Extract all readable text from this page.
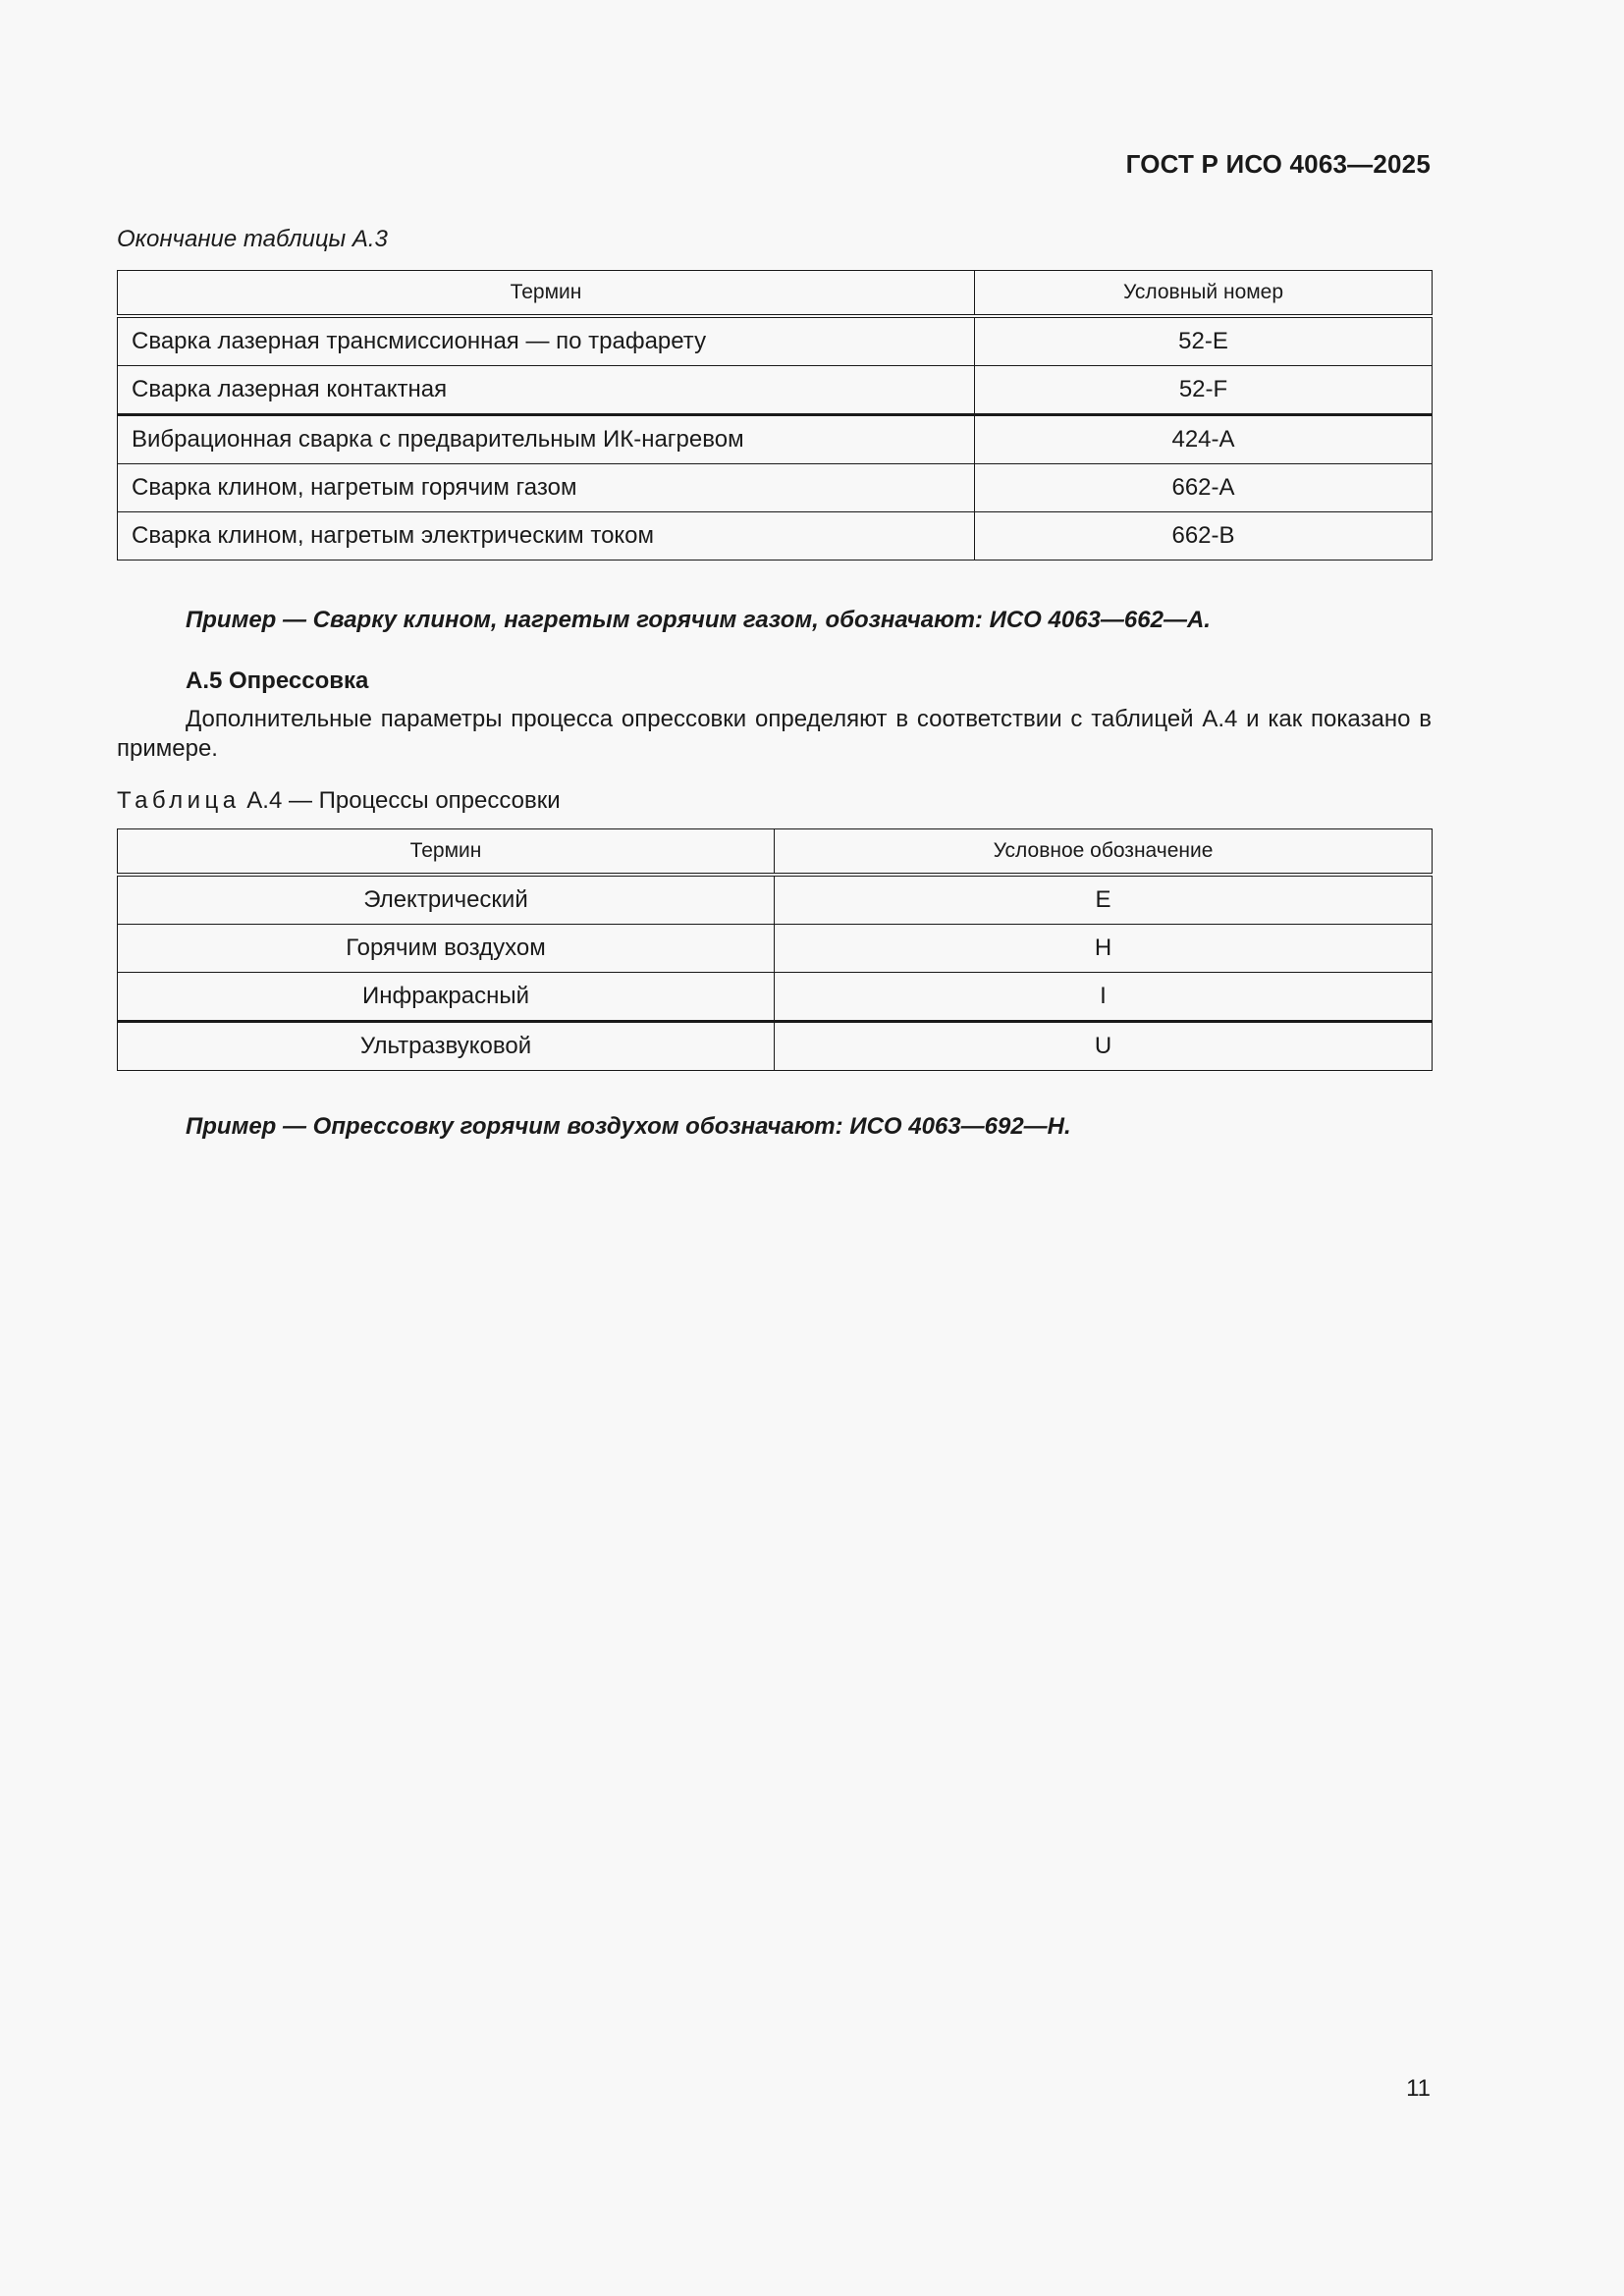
ГОСТ Р ИСО 4063—2025
Окончание таблицы А.3
Термин	Условный номер
Сварка лазерная трансмиссионная — по трафарету	52-E
Сварка лазерная контактная	52-F
Вибрационная сварка с предварительным ИК-нагревом	424-A
Сварка клином, нагретым горячим газом	662-A
Сварка клином, нагретым электрическим током	662-B
Пример — Сварку клином, нагретым горячим газом, обозначают: ИСО 4063—662—А.
А.5 Опрессовка
Дополнительные параметры процесса опрессовки определяют в соответствии с таблицей А.4 и как показано в примере.
Таблица А.4 — Процессы опрессовки
Термин	Условное обозначение
Электрический	E
Горячим воздухом	H
Инфракрасный	I
Ультразвуковой	U
Пример — Опрессовку горячим воздухом обозначают: ИСО 4063—692—Н.
11
